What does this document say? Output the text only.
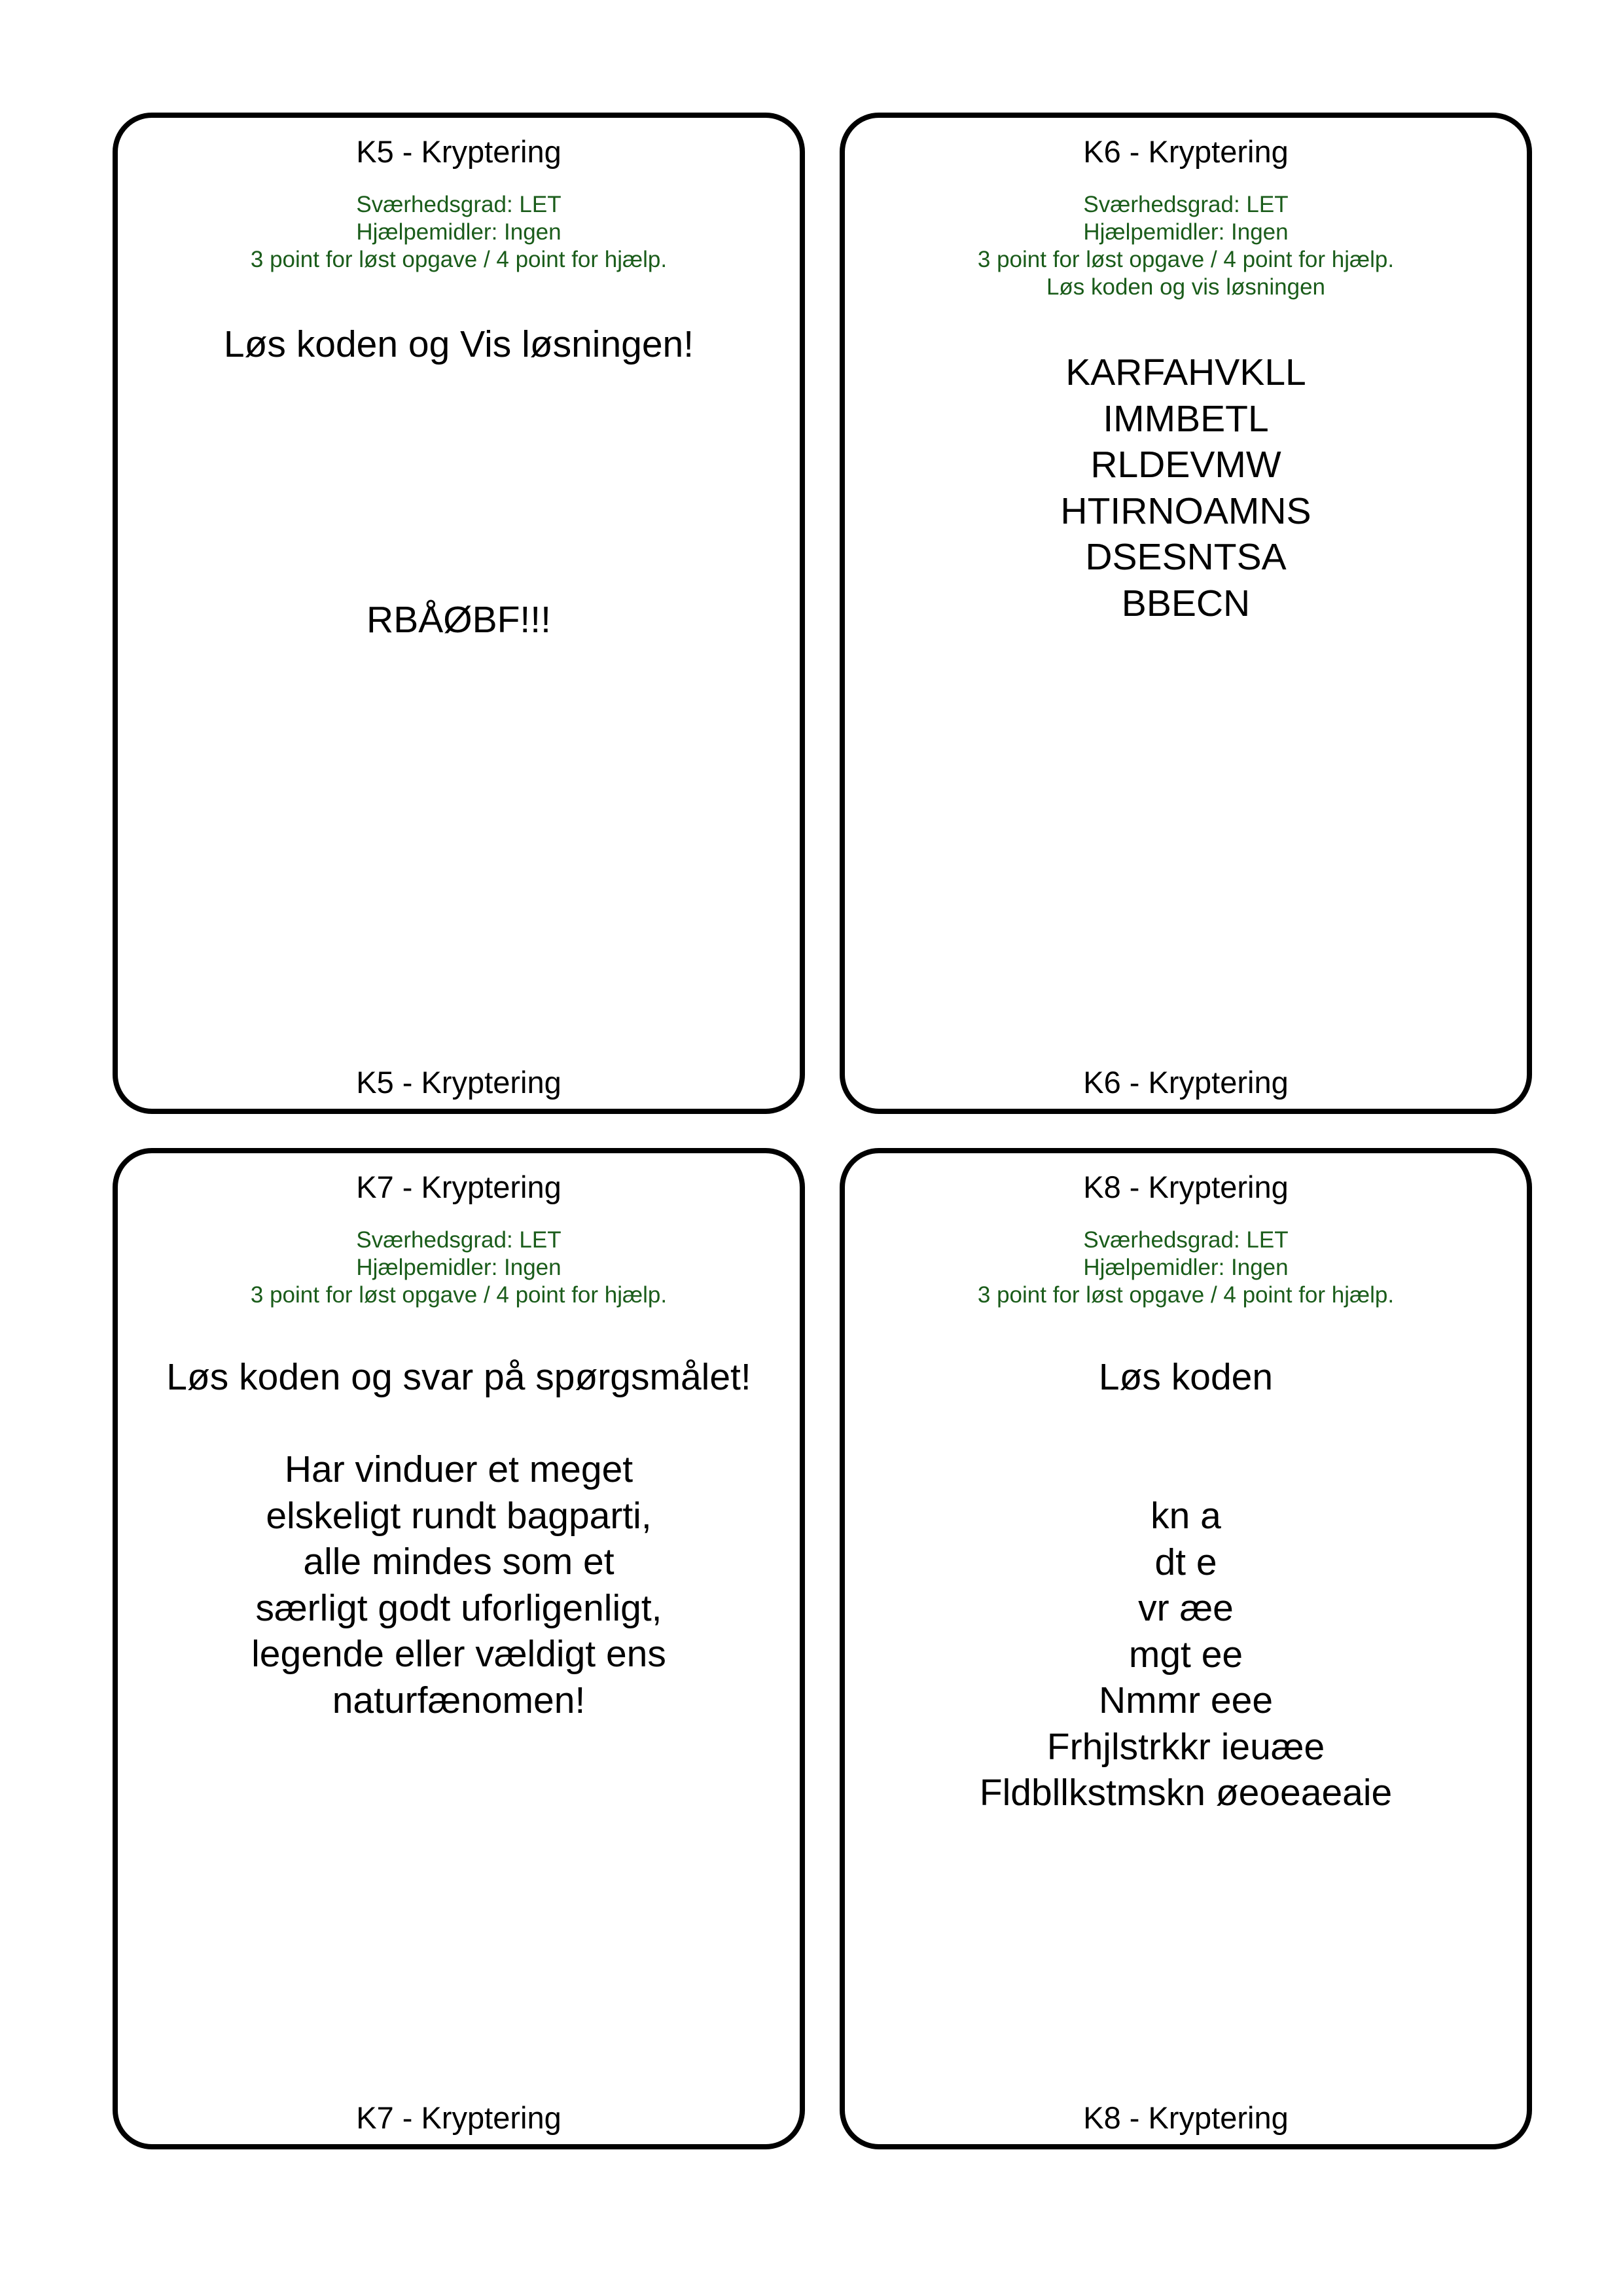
K5 - Kryptering
Sværhedsgrad: LET
Hjælpemidler: Ingen
3 point for løst opgave / 4 point for hjælp.
Løs koden og Vis løsningen!
RBÅØBF!!!
K5 - Kryptering
K6 - Kryptering
Sværhedsgrad: LET
Hjælpemidler: Ingen
3 point for løst opgave / 4 point for hjælp.
Løs koden og vis løsningen
KARFAHVKLL
IMMBETL
RLDEVMW
HTIRNOAMNS
DSESNTSA
BBECN
K6 - Kryptering
K7 - Kryptering
Sværhedsgrad: LET
Hjælpemidler: Ingen
3 point for løst opgave / 4 point for hjælp.
Løs koden og svar på spørgsmålet!
Har vinduer et meget
elskeligt rundt bagparti,
alle mindes som et
særligt godt uforligenligt,
legende eller vældigt ens
naturfænomen!
K7 - Kryptering
K8 - Kryptering
Sværhedsgrad: LET
Hjælpemidler: Ingen
3 point for løst opgave / 4 point for hjælp.
Løs koden
kn a
dt e
vr æe
mgt ee
Nmmr eee
Frhjlstrkkr ieuæe
Fldbllkstmskn øeoeaeaie
K8 - Kryptering
